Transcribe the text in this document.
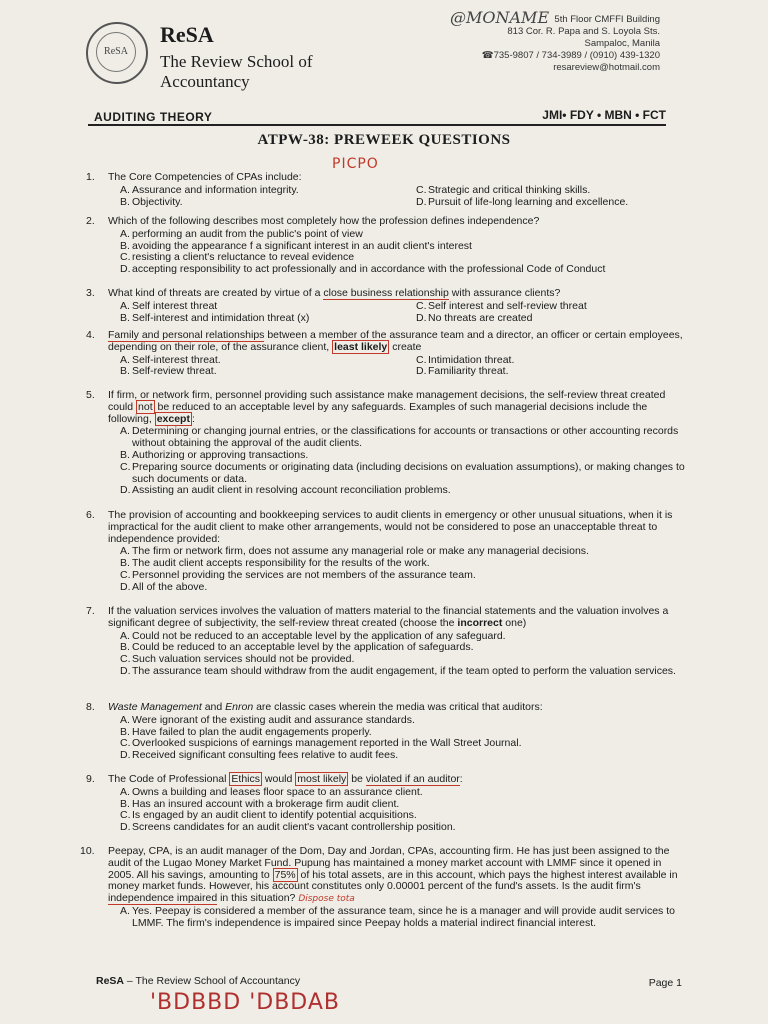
ReSA
ReSA
The Review School of Accountancy
@MONAME 5th Floor CMFFI Building
813 Cor. R. Papa and S. Loyola Sts.
Sampaloc, Manila
☎735-9807 / 734-3989 / (0910) 439-1320
resareview@hotmail.com
AUDITING THEORY	JMI• FDY • MBN • FCT
ATPW-38: PREWEEK QUESTIONS
PICPO
1.	The Core Competencies of CPAs include:
A. Assurance and information integrity.
B. Objectivity.
C. Strategic and critical thinking skills.
D. Pursuit of life-long learning and excellence.
2.	Which of the following describes most completely how the profession defines independence?
A. performing an audit from the public's point of view
B. avoiding the appearance f a significant interest in an audit client's interest
C. resisting a client's reluctance to reveal evidence
D. accepting responsibility to act professionally and in accordance with the professional Code of Conduct
3.	What kind of threats are created by virtue of a close business relationship with assurance clients?
A. Self interest threat
B. Self-interest and intimidation threat (x)
C. Self interest and self-review threat
D. No threats are created
4.	Family and personal relationships between a member of the assurance team and a director, an officer or certain employees, depending on their role, of the assurance client, least likely create
A. Self-interest threat.
B. Self-review threat.
C. Intimidation threat.
D. Familiarity threat.
5.	If firm, or network firm, personnel providing such assistance make management decisions, the self-review threat created could not be reduced to an acceptable level by any safeguards. Examples of such managerial decisions include the following, except :
A. Determining or changing journal entries, or the classifications for accounts or transactions or other accounting records without obtaining the approval of the audit clients.
B. Authorizing or approving transactions.
C. Preparing source documents or originating data (including decisions on evaluation assumptions), or making changes to such documents or data.
D. Assisting an audit client in resolving account reconciliation problems.
6.	The provision of accounting and bookkeeping services to audit clients in emergency or other unusual situations, when it is impractical for the audit client to make other arrangements, would not be considered to pose an unacceptable threat to independence provided:
A. The firm or network firm, does not assume any managerial role or make any managerial decisions.
B. The audit client accepts responsibility for the results of the work.
C. Personnel providing the services are not members of the assurance team.
D. All of the above.
7.	If the valuation services involves the valuation of matters material to the financial statements and the valuation involves a significant degree of subjectivity, the self-review threat created (choose the incorrect one)
A. Could not be reduced to an acceptable level by the application of any safeguard.
B. Could be reduced to an acceptable level by the application of safeguards.
C. Such valuation services should not be provided.
D. The assurance team should withdraw from the audit engagement, if the team opted to perform the valuation services.
8.	Waste Management and Enron are classic cases wherein the media was critical that auditors:
A. Were ignorant of the existing audit and assurance standards.
B. Have failed to plan the audit engagements properly.
C. Overlooked suspicions of earnings management reported in the Wall Street Journal.
D. Received significant consulting fees relative to audit fees.
9.	The Code of Professional Ethics would most likely be violated if an auditor:
A. Owns a building and leases floor space to an assurance client.
B. Has an insured account with a brokerage firm audit client.
C. Is engaged by an audit client to identify potential acquisitions.
D. Screens candidates for an audit client's vacant controllership position.
10.	Peepay, CPA, is an audit manager of the Dom, Day and Jordan, CPAs, accounting firm. He has just been assigned to the audit of the Lugao Money Market Fund. Pupung has maintained a money market account with LMMF since it opened in 2005. All his savings, amounting to 75% of his total assets, are in this account, which pays the highest interest available in money market funds. However, his account constitutes only 0.00001 percent of the fund's assets. Is the audit firm's independence impaired in this situation? Dispose tota
A. Yes. Peepay is considered a member of the assurance team, since he is a manager and will provide audit services to LMMF. The firm's independence is impaired since Peepay holds a material indirect financial interest.
ReSA – The Review School of Accountancy	Page 1
'BDBBD 'DBDAB
